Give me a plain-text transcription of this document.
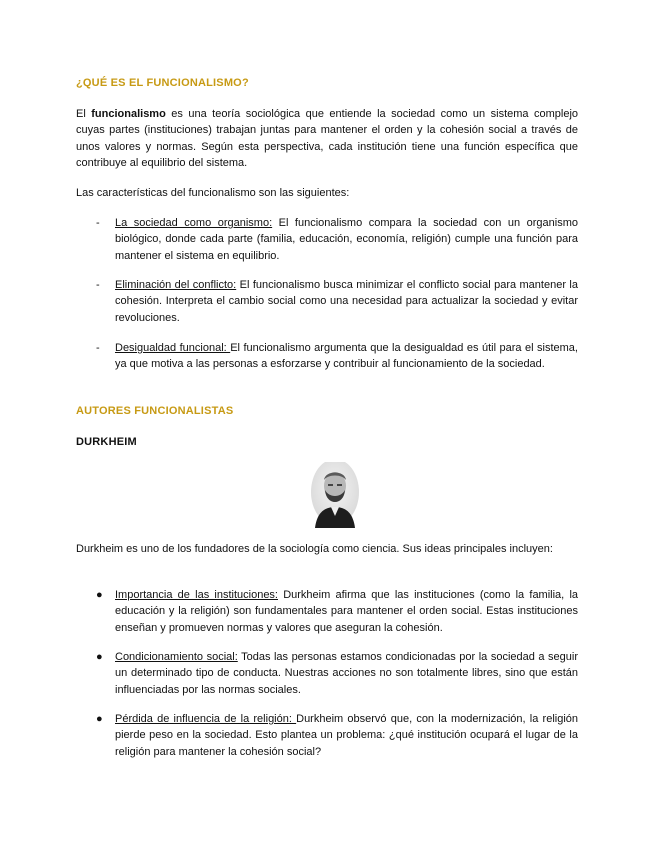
¿QUÉ ES EL FUNCIONALISMO?

El funcionalismo es una teoría sociológica que entiende la sociedad como un sistema complejo cuyas partes (instituciones) trabajan juntas para mantener el orden y la cohesión social a través de unos valores y normas. Según esta perspectiva, cada institución tiene una función específica que contribuye al equilibrio del sistema.

Las características del funcionalismo son las siguientes:

-	La sociedad como organismo: El funcionalismo compara la sociedad con un organismo biológico, donde cada parte (familia, educación, economía, religión) cumple una función para mantener el sistema en equilibrio.

-	Eliminación del conflicto: El funcionalismo busca minimizar el conflicto social para mantener la cohesión. Interpreta el cambio social como una necesidad para actualizar la sociedad y evitar revoluciones.

-	Desigualdad funcional: El funcionalismo argumenta que la desigualdad es útil para el sistema, ya que motiva a las personas a esforzarse y contribuir al funcionamiento de la sociedad.

AUTORES FUNCIONALISTAS
DURKHEIM

Durkheim es uno de los fundadores de la sociología como ciencia. Sus ideas principales incluyen:

●	Importancia de las instituciones: Durkheim afirma que las instituciones (como la familia, la educación y la religión) son fundamentales para mantener el orden social. Estas instituciones enseñan y promueven normas y valores que aseguran la cohesión.

●	Condicionamiento social: Todas las personas estamos condicionadas por la sociedad a seguir un determinado tipo de conducta. Nuestras acciones no son totalmente libres, sino que están influenciadas por las normas sociales.

●	Pérdida de influencia de la religión: Durkheim observó que, con la modernización, la religión pierde peso en la sociedad. Esto plantea un problema: ¿qué institución ocupará el lugar de la religión para mantener la cohesión social?
